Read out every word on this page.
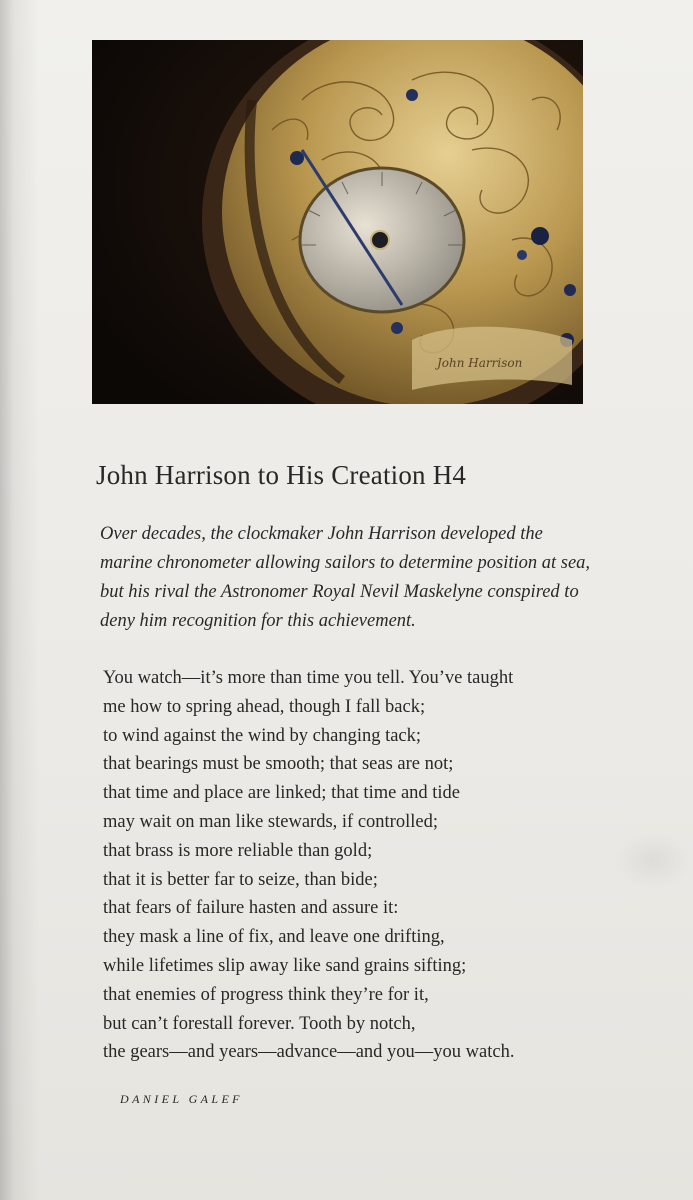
John Harrison
John Harrison to His Creation H4

Over decades, the clockmaker John Harrison developed the
marine chronometer allowing sailors to determine position at sea,
but his rival the Astronomer Royal Nevil Maskelyne conspired to
deny him recognition for this achievement.

You watch—it’s more than time you tell. You’ve taught
me how to spring ahead, though I fall back;
to wind against the wind by changing tack;
that bearings must be smooth; that seas are not;
that time and place are linked; that time and tide
may wait on man like stewards, if controlled;
that brass is more reliable than gold;
that it is better far to seize, than bide;
that fears of failure hasten and assure it:
they mask a line of fix, and leave one drifting,
while lifetimes slip away like sand grains sifting;
that enemies of progress think they’re for it,
but can’t forestall forever. Tooth by notch,
the gears—and years—advance—and you—you watch.

DANIEL GALEF
